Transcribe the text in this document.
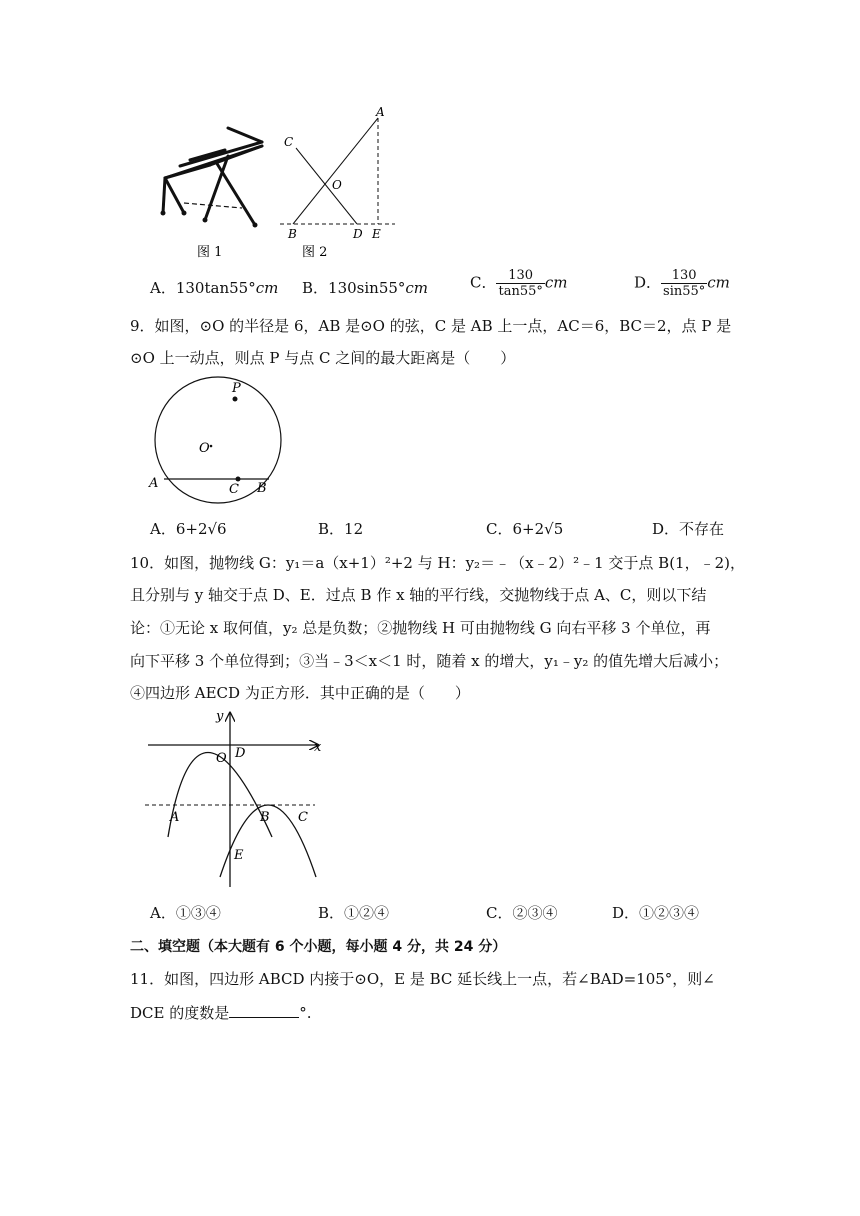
A
C
O
B	D E
图 1	图 2
A．130tan55°cm B．130sin55°cm	C． $\frac{130}{\tan 55^\circ}$ cm	D． $\frac{130}{\sin 55^\circ}$ cm
9．如图，⊙O 的半径是 6，AB 是⊙O 的弦，C 是 AB 上一点，AC＝6，BC＝2，点 P 是
⊙O 上一动点，则点 P 与点 C 之间的最大距离是（　　）
P
O
A	C B
A．6+2√6	B．12	C．6+2√5	D．不存在
10．如图，抛物线 G：y₁＝a（x+1）²+2 与 H：y₂＝﹣（x﹣2）²﹣1 交于点 B(1，﹣2)，
且分别与 y 轴交于点 D、E．过点 B 作 x 轴的平行线，交抛物线于点 A、C，则以下结
论：①无论 x 取何值，y₂ 总是负数；②抛物线 H 可由抛物线 G 向右平移 3 个单位，再
向下平移 3 个单位得到；③当﹣3＜x＜1 时，随着 x 的增大，y₁﹣y₂ 的值先增大后减小；
④四边形 AECD 为正方形．其中正确的是（　　）
y
x
D
O
A	B C
E
A．①③④	B．①②④	C．②③④	D．①②③④
二、填空题（本大题有 6 个小题，每小题 4 分，共 24 分）
11．如图，四边形 ABCD 内接于⊙O，E 是 BC 延长线上一点，若∠BAD=105°，则∠
DCE 的度数是	°.
